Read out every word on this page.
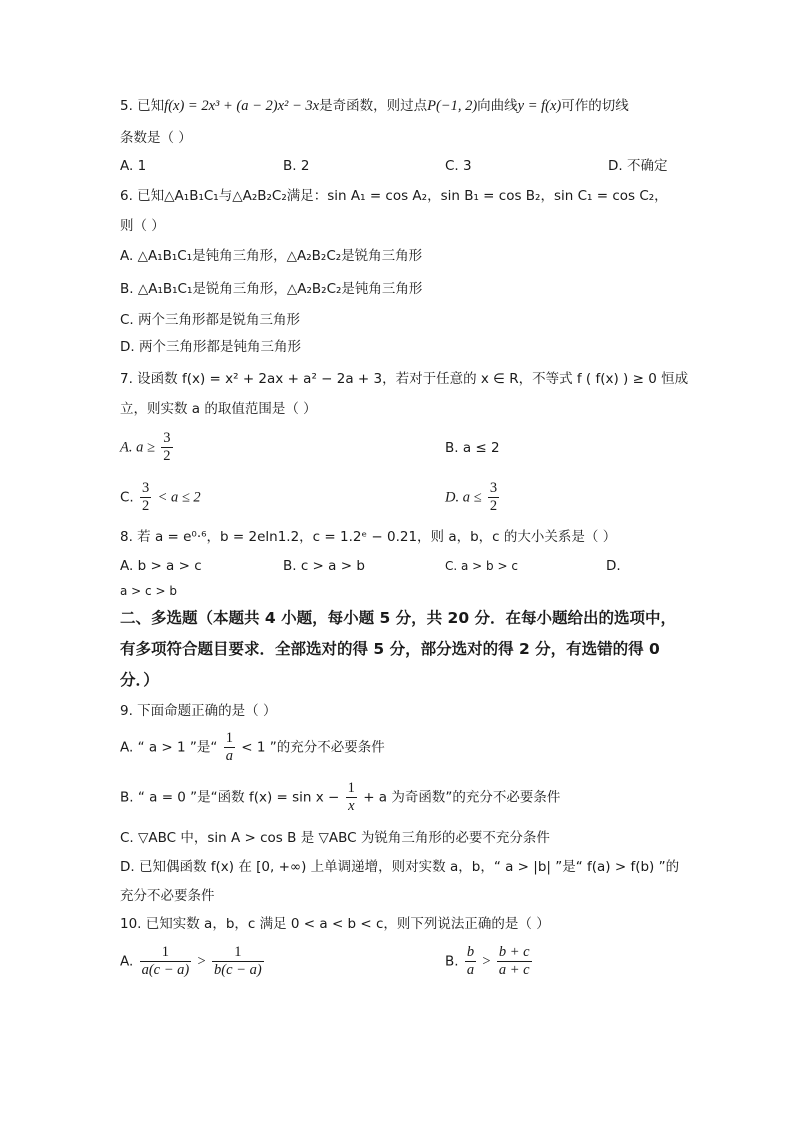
5. 已知f(x) = 2x³ + (a − 2)x² − 3x是奇函数，则过点P(−1, 2)向曲线y = f(x)可作的切线
条数是（ ）
A. 1	B. 2	C. 3	D. 不确定
6. 已知△A₁B₁C₁与△A₂B₂C₂满足：sin A₁ = cos A₂，sin B₁ = cos B₂，sin C₁ = cos C₂，
则（ ）
A. △A₁B₁C₁是钝角三角形，△A₂B₂C₂是锐角三角形
B. △A₁B₁C₁是锐角三角形，△A₂B₂C₂是钝角三角形
C. 两个三角形都是锐角三角形
D. 两个三角形都是钝角三角形
7. 设函数 f(x) = x² + 2ax + a² − 2a + 3，若对于任意的 x ∈ R，不等式 f ( f(x) ) ≥ 0 恒成
立，则实数 a 的取值范围是（ ）
A. $a \ge \frac{3}{2}$	B. a ≤ 2
C. $\frac{3}{2} < a \le 2$	D. $a \le \frac{3}{2}$
8. 若 a = e⁰·⁶，b = 2eln1.2，c = 1.2ᵉ − 0.21，则 a，b，c 的大小关系是（ ）
A. b > a > c	B. c > a > b	C. a > b > c	D.
a > c > b
二、多选题（本题共 4 小题，每小题 5 分，共 20 分．在每小题给出的选项中，
有多项符合题目要求．全部选对的得 5 分，部分选对的得 2 分，有选错的得 0
分．）
9. 下面命题正确的是（ ）
A. “ a > 1 ”是“ $\frac{1}{a} < 1$ ”的充分不必要条件
B. “ a = 0 ”是“函数 $f(x) = \sin x - \frac{1}{x} + a$ 为奇函数”的充分不必要条件
C. ▽ABC 中，sin A > cos B 是 ▽ABC 为锐角三角形的必要不充分条件
D. 已知偶函数 f(x) 在 [0, +∞) 上单调递增，则对实数 a，b，“ a > |b| ”是“ f(a) > f(b) ”的
充分不必要条件
10. 已知实数 a，b，c 满足 0 < a < b < c，则下列说法正确的是（ ）
A. $\frac{1}{a(c - a)} > \frac{1}{b(c - a)}$	B. $\frac{b}{a} > \frac{b + c}{a + c}$
